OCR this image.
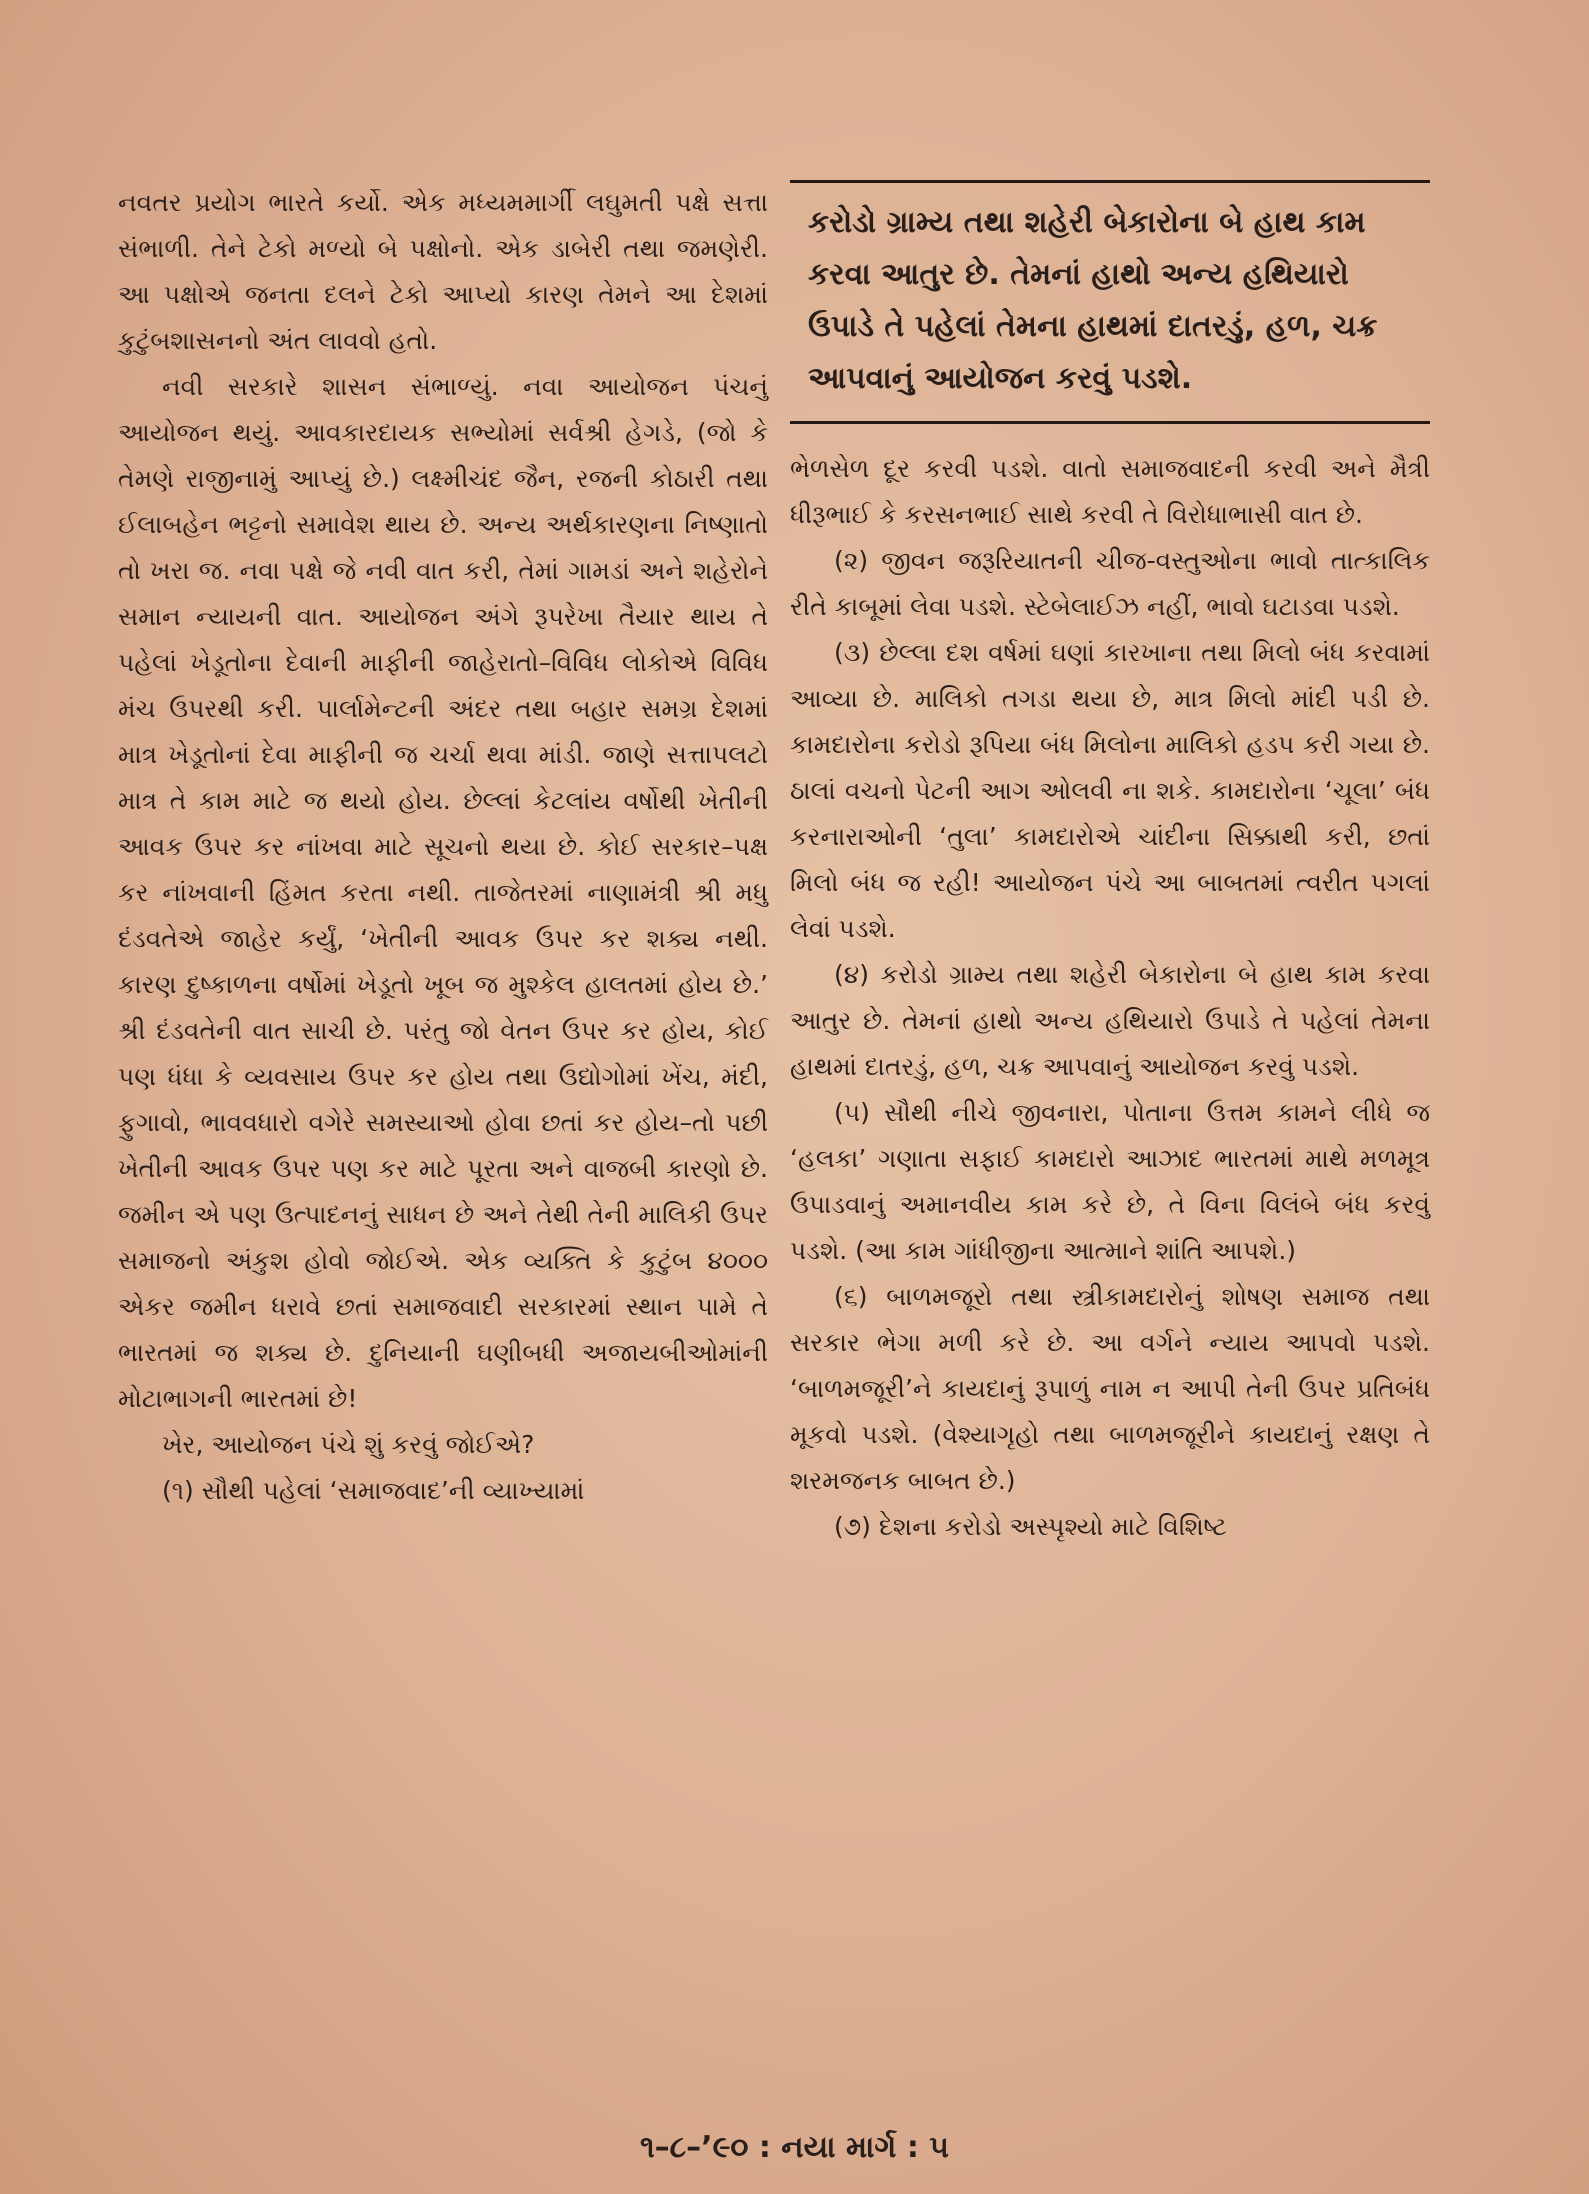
નવતર પ્રયોગ ભારતે કર્યો. એક મધ્યમમાર્ગી લઘુમતી પક્ષે સત્તા સંભાળી. તેને ટેકો મળ્યો બે પક્ષોનો. એક ડાબેરી તથા જમણેરી. આ પક્ષોએ જનતા દલને ટેકો આપ્યો કારણ તેમને આ દેશમાં કુટુંબશાસનનો અંત લાવવો હતો.

નવી સરકારે શાસન સંભાળ્યું. નવા આયોજન પંચનું આયોજન થયું. આવકારદાયક સભ્યોમાં સર્વશ્રી હેગડે, (જો કે તેમણે રાજીનામું આપ્યું છે.) લક્ષ્મીચંદ જૈન, રજની કોઠારી તથા ઈલાબહેન ભટ્ટનો સમાવેશ થાય છે. અન્ય અર્થકારણના નિષ્ણાતો તો ખરા જ. નવા પક્ષે જે નવી વાત કરી, તેમાં ગામડાં અને શહેરોને સમાન ન્યાયની વાત. આયોજન અંગે રૂપરેખા તૈયાર થાય તે પહેલાં ખેડૂતોના દેવાની માફીની જાહેરાતો–વિવિધ લોકોએ વિવિધ મંચ ઉપરથી કરી. પાર્લામેન્ટની અંદર તથા બહાર સમગ્ર દેશમાં માત્ર ખેડૂતોનાં દેવા માફીની જ ચર્ચા થવા માંડી. જાણે સત્તાપલટો માત્ર તે કામ માટે જ થયો હોય. છેલ્લાં કેટલાંય વર્ષોથી ખેતીની આવક ઉપર કર નાંખવા માટે સૂચનો થયા છે. કોઈ સરકાર–પક્ષ કર નાંખવાની હિંમત કરતા નથી. તાજેતરમાં નાણામંત્રી શ્રી મધુ દંડવતેએ જાહેર કર્યું, ‘ખેતીની આવક ઉપર કર શક્ય નથી. કારણ દુષ્કાળના વર્ષોમાં ખેડૂતો ખૂબ જ મુશ્કેલ હાલતમાં હોય છે.’ શ્રી દંડવતેની વાત સાચી છે. પરંતુ જો વેતન ઉપર કર હોય, કોઈ પણ ધંધા કે વ્યવસાય ઉપર કર હોય તથા ઉદ્યોગોમાં ખેંચ, મંદી, ફુગાવો, ભાવવધારો વગેરે સમસ્યાઓ હોવા છતાં કર હોય–તો પછી ખેતીની આવક ઉપર પણ કર માટે પૂરતા અને વાજબી કારણો છે. જમીન એ પણ ઉત્પાદનનું સાધન છે અને તેથી તેની માલિકી ઉપર સમાજનો અંકુશ હોવો જોઈએ. એક વ્યક્તિ કે કુટુંબ ૪૦૦૦ એકર જમીન ધરાવે છતાં સમાજવાદી સરકારમાં સ્થાન પામે તે ભારતમાં જ શક્ય છે. દુનિયાની ઘણીબધી અજાયબીઓમાંની મોટાભાગની ભારતમાં છે!

ખેર, આયોજન પંચે શું કરવું જોઈએ?

(૧) સૌથી પહેલાં ‘સમાજવાદ’ની વ્યાખ્યામાં

કરોડો ગ્રામ્ય તથા શહેરી બેકારોના બે હાથ કામ કરવા આતુર છે. તેમનાં હાથો અન્ય હથિયારો ઉપાડે તે પહેલાં તેમના હાથમાં દાતરડું, હળ, ચક્ર આપવાનું આયોજન કરવું પડશે.

ભેળસેળ દૂર કરવી પડશે. વાતો સમાજવાદની કરવી અને મૈત્રી ધીરૂભાઈ કે કરસનભાઈ સાથે કરવી તે વિરોધાભાસી વાત છે.

(૨) જીવન જરૂરિયાતની ચીજ-વસ્તુઓના ભાવો તાત્કાલિક રીતે કાબૂમાં લેવા પડશે. સ્ટેબેલાઈઝ નહીં, ભાવો ઘટાડવા પડશે.

(૩) છેલ્લા દશ વર્ષમાં ઘણાં કારખાના તથા મિલો બંધ કરવામાં આવ્યા છે. માલિકો તગડા થયા છે, માત્ર મિલો માંદી પડી છે. કામદારોના કરોડો રૂપિયા બંધ મિલોના માલિકો હડપ કરી ગયા છે. ઠાલાં વચનો પેટની આગ ઓલવી ના શકે. કામદારોના ‘ચૂલા’ બંધ કરનારાઓની ‘તુલા’ કામદારોએ ચાંદીના સિક્કાથી કરી, છતાં મિલો બંધ જ રહી! આયોજન પંચે આ બાબતમાં ત્વરીત પગલાં લેવાં પડશે.

(૪) કરોડો ગ્રામ્ય તથા શહેરી બેકારોના બે હાથ કામ કરવા આતુર છે. તેમનાં હાથો અન્ય હથિયારો ઉપાડે તે પહેલાં તેમના હાથમાં દાતરડું, હળ, ચક્ર આપવાનું આયોજન કરવું પડશે.

(૫) સૌથી નીચે જીવનારા, પોતાના ઉત્તમ કામને લીધે જ ‘હલકા’ ગણાતા સફાઈ કામદારો આઝાદ ભારતમાં માથે મળમૂત્ર ઉપાડવાનું અમાનવીય કામ કરે છે, તે વિના વિલંબે બંધ કરવું પડશે. (આ કામ ગાંધીજીના આત્માને શાંતિ આપશે.)

(૬) બાળમજૂરો તથા સ્ત્રીકામદારોનું શોષણ સમાજ તથા સરકાર ભેગા મળી કરે છે. આ વર્ગને ન્યાય આપવો પડશે. ‘બાળમજૂરી’ને કાયદાનું રૂપાળું નામ ન આપી તેની ઉપર પ્રતિબંધ મૂકવો પડશે. (વેશ્યાગૃહો તથા બાળમજૂરીને કાયદાનું રક્ષણ તે શરમજનક બાબત છે.)

(૭) દેશના કરોડો અસ્પૃશ્યો માટે વિશિષ્ટ

૧–૮–’૯૦ : નયા માર્ગ : ૫
